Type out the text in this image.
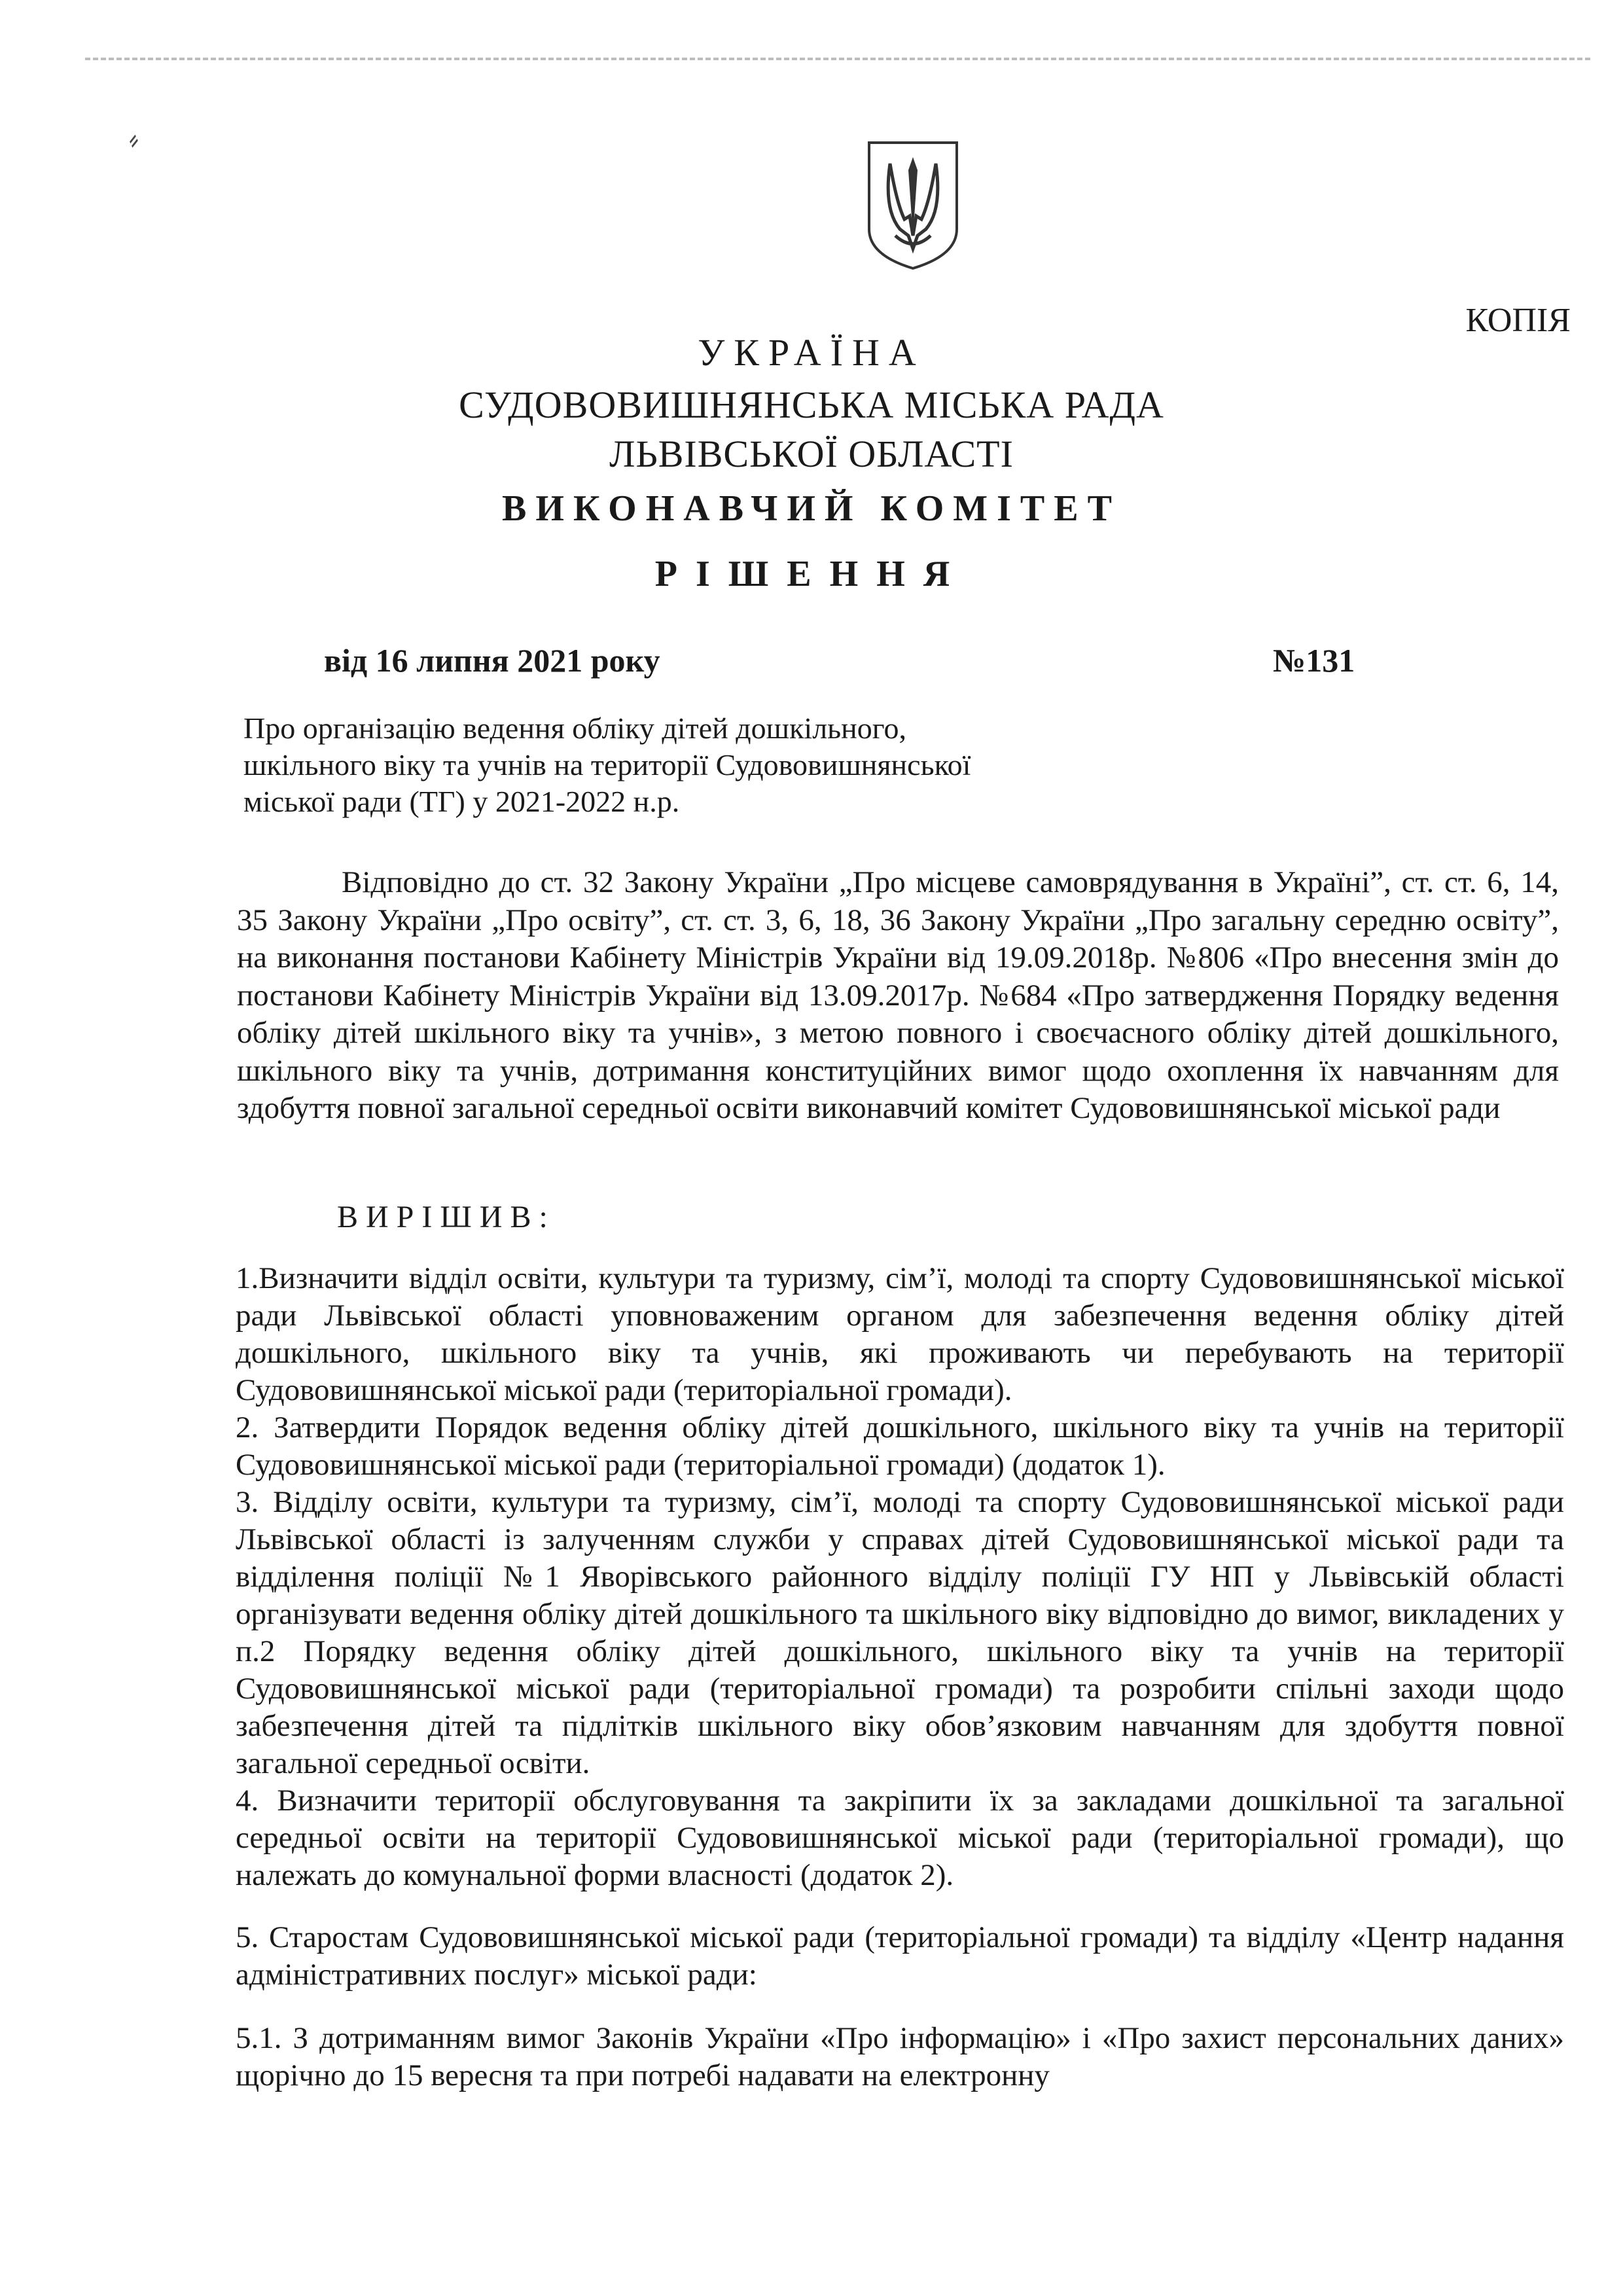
⸗
КОПІЯ
УКРАЇНА
СУДОВОВИШНЯНСЬКА МІСЬКА РАДА
ЛЬВІВСЬКОЇ ОБЛАСТІ
ВИКОНАВЧИЙ КОМІТЕТ
РІШЕННЯ
від 16 липня 2021 року	№131
Про організацію ведення обліку дітей дошкільного,
шкільного віку та учнів на території Судововишнянської
міської ради (ТГ) у 2021-2022 н.р.
Відповідно до ст. 32 Закону України „Про місцеве самоврядування в Україні”, ст. ст. 6, 14, 35 Закону України „Про освіту”, ст. ст. 3, 6, 18, 36 Закону України „Про загальну середню освіту”, на виконання постанови Кабінету Міністрів України від 19.09.2018р. №806 «Про внесення змін до постанови Кабінету Міністрів України від 13.09.2017р. №684 «Про затвердження Порядку ведення обліку дітей шкільного віку та учнів», з метою повного і своєчасного обліку дітей дошкільного, шкільного віку та учнів, дотримання конституційних вимог щодо охоплення їх навчанням для здобуття повної загальної середньої освіти виконавчий комітет Судововишнянської міської ради
ВИРІШИВ:

1.Визначити відділ освіти, культури та туризму, сім’ї, молоді та спорту Судововишнянської міської ради Львівської області уповноваженим органом для забезпечення ведення обліку дітей дошкільного, шкільного віку та учнів, які проживають чи перебувають на території Судововишнянської міської ради (територіальної громади).

2. Затвердити Порядок ведення обліку дітей дошкільного, шкільного віку та учнів на території Судововишнянської міської ради (територіальної громади) (додаток 1).

3. Відділу освіти, культури та туризму, сім’ї, молоді та спорту Судововишнянської міської ради Львівської області із залученням служби у справах дітей Судововишнянської міської ради та відділення поліції №1 Яворівського районного відділу поліції ГУ НП у Львівській області організувати ведення обліку дітей дошкільного та шкільного віку відповідно до вимог, викладених у п.2 Порядку ведення обліку дітей дошкільного, шкільного віку та учнів на території Судововишнянської міської ради (територіальної громади) та розробити спільні заходи щодо забезпечення дітей та підлітків шкільного віку обов’язковим навчанням для здобуття повної загальної середньої освіти.

4. Визначити території обслуговування та закріпити їх за закладами дошкільної та загальної середньої освіти на території Судововишнянської міської ради (територіальної громади), що належать до комунальної форми власності (додаток 2).

5. Старостам Судововишнянської міської ради (територіальної громади) та відділу «Центр надання адміністративних послуг» міської ради:

5.1. З дотриманням вимог Законів України «Про інформацію» і «Про захист персональних даних» щорічно до 15 вересня та при потребі надавати на електронну
